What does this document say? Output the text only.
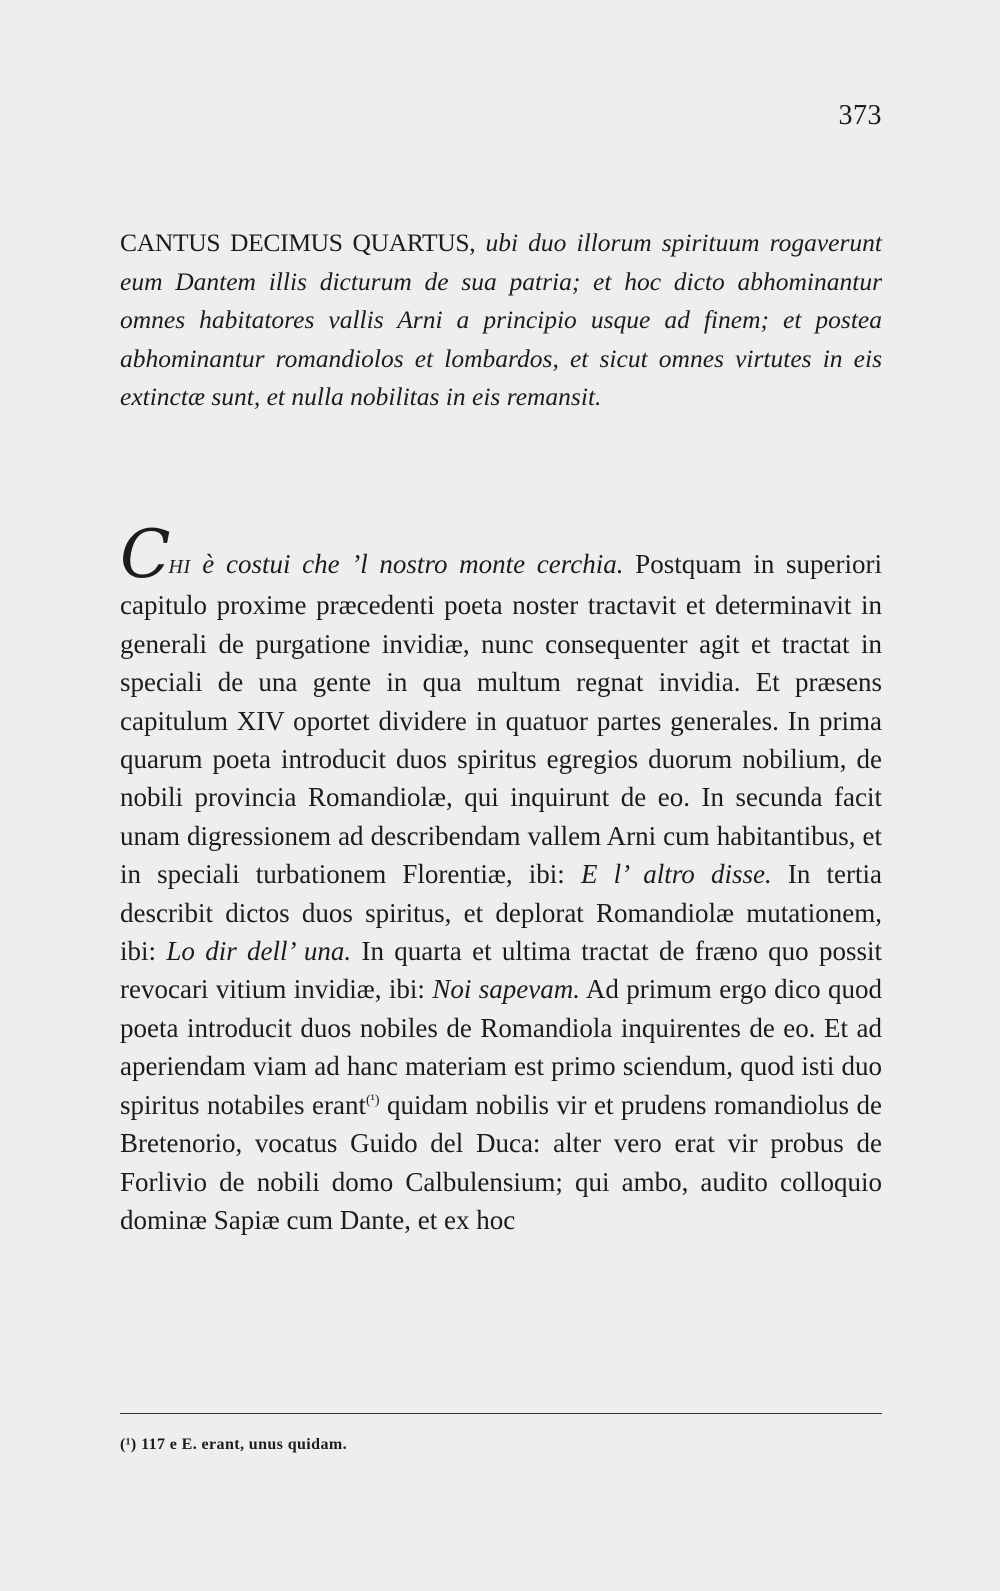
373
CANTUS DECIMUS QUARTUS, ubi duo illorum spirituum rogaverunt eum Dantem illis dicturum de sua patria; et hoc dicto abhominantur omnes habitatores vallis Arni a principio usque ad finem; et postea abhominantur romandiolos et lombardos, et sicut omnes virtutes in eis extinctæ sunt, et nulla nobilitas in eis remansit.
CHI è costui che ’l nostro monte cerchia. Postquam in superiori capitulo proxime præcedenti poeta noster tractavit et determinavit in generali de purgatione invidiæ, nunc consequenter agit et tractat in speciali de una gente in qua multum regnat invidia. Et præsens capitulum XIV oportet dividere in quatuor partes generales. In prima quarum poeta introducit duos spiritus egregios duorum nobilium, de nobili provincia Romandiolæ, qui inquirunt de eo. In secunda facit unam digressionem ad describendam vallem Arni cum habitantibus, et in speciali turbationem Florentiæ, ibi: E l’ altro disse. In tertia describit dictos duos spiritus, et deplorat Romandiolæ mutationem, ibi: Lo dir dell’ una. In quarta et ultima tractat de fræno quo possit revocari vitium invidiæ, ibi: Noi sapevam. Ad primum ergo dico quod poeta introducit duos nobiles de Romandiola inquirentes de eo. Et ad aperiendam viam ad hanc materiam est primo sciendum, quod isti duo spiritus notabiles erant$^{(^1)}$ quidam nobilis vir et prudens romandiolus de Bretenorio, vocatus Guido del Duca: alter vero erat vir probus de Forlivio de nobili domo Calbulensium; qui ambo, audito colloquio dominæ Sapiæ cum Dante, et ex hoc
(¹) 117 e E. erant, unus quidam.
